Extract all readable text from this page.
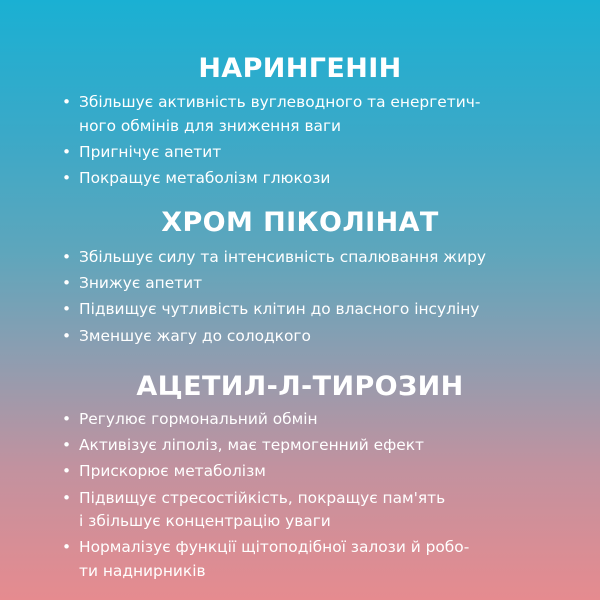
НАРИНГЕНІН
• Збільшує активність вуглеводного та енергетич-
ного обмінів для зниження ваги
• Пригнічує апетит
• Покращує метаболізм глюкози
ХРОМ ПІКОЛІНАТ
• Збільшує силу та інтенсивність спалювання жиру
• Знижує апетит
• Підвищує чутливість клітин до власного інсуліну
• Зменшує жагу до солодкого
АЦЕТИЛ-Л-ТИРОЗИН
• Регулює гормональний обмін
• Активізує ліполіз, має термогенний ефект
• Прискорює метаболізм
• Підвищує стресостійкість, покращує пам'ять
і збільшує концентрацію уваги
• Нормалізує функції щітоподібної залози й робо-
ти наднирників
